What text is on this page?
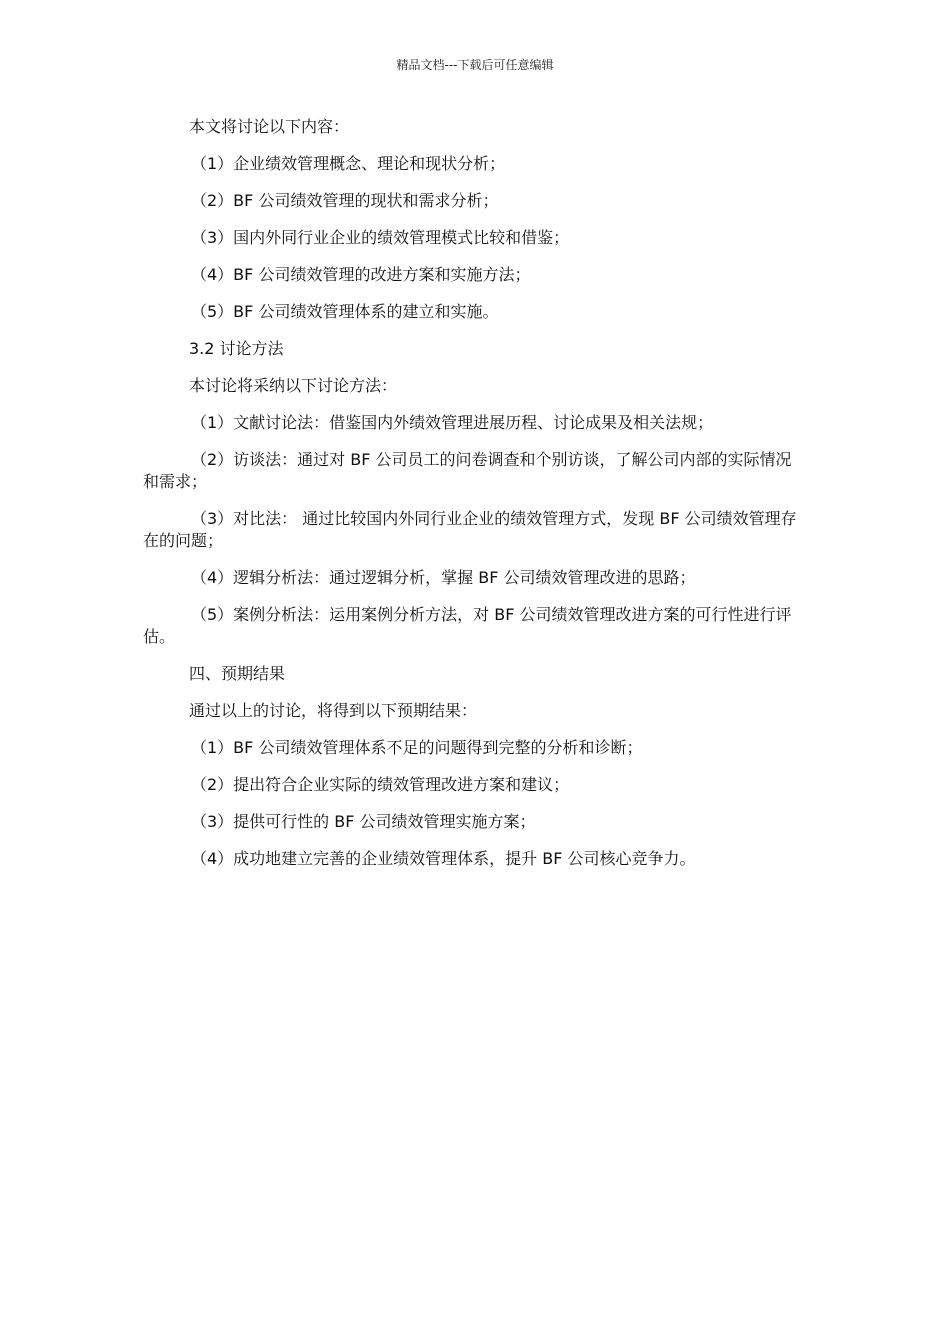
精品文档---下载后可任意编辑

本文将讨论以下内容：

（1）企业绩效管理概念、理论和现状分析；

（2）BF 公司绩效管理的现状和需求分析；

（3）国内外同行业企业的绩效管理模式比较和借鉴；

（4）BF 公司绩效管理的改进方案和实施方法；

（5）BF 公司绩效管理体系的建立和实施。

3.2 讨论方法

本讨论将采纳以下讨论方法：

（1）文献讨论法：借鉴国内外绩效管理进展历程、讨论成果及相关法规；

（2）访谈法：通过对 BF 公司员工的问卷调查和个别访谈，了解公司内部的实际情况和需求；

（3）对比法： 通过比较国内外同行业企业的绩效管理方式，发现 BF 公司绩效管理存在的问题；

（4）逻辑分析法：通过逻辑分析，掌握 BF 公司绩效管理改进的思路；

（5）案例分析法：运用案例分析方法，对 BF 公司绩效管理改进方案的可行性进行评估。

四、预期结果

通过以上的讨论，将得到以下预期结果：

（1）BF 公司绩效管理体系不足的问题得到完整的分析和诊断；

（2）提出符合企业实际的绩效管理改进方案和建议；

（3）提供可行性的 BF 公司绩效管理实施方案；

（4）成功地建立完善的企业绩效管理体系，提升 BF 公司核心竞争力。
